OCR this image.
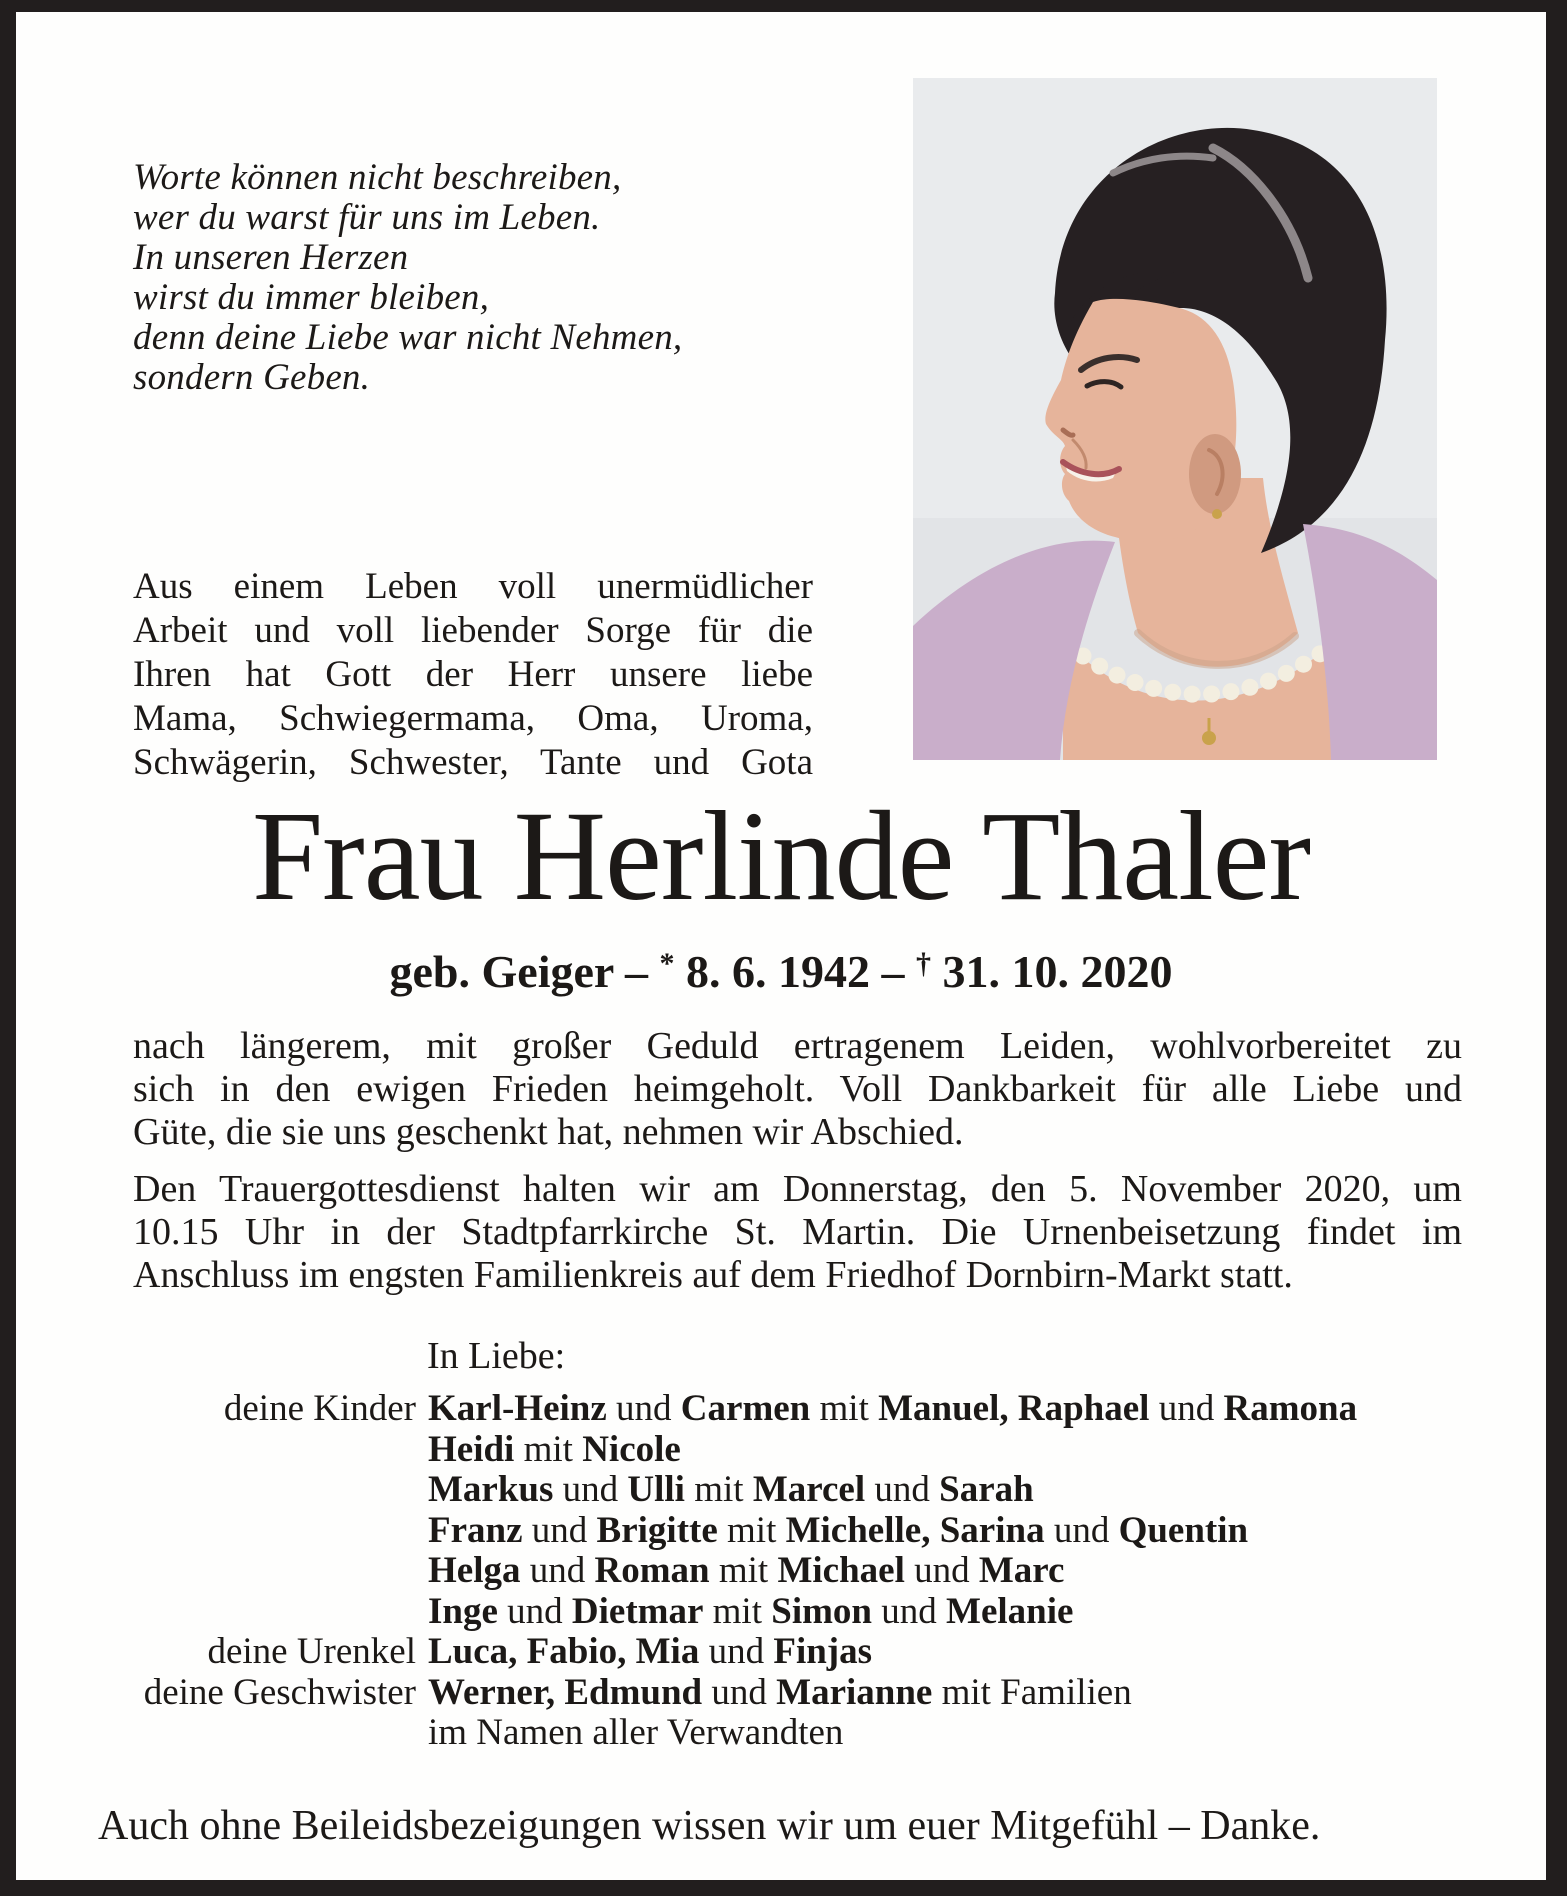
Worte können nicht beschreiben,
wer du warst für uns im Leben.
In unseren Herzen
wirst du immer bleiben,
denn deine Liebe war nicht Nehmen,
sondern Geben.
Aus einem Leben voll unermüdlicher
Arbeit und voll liebender Sorge für die
Ihren hat Gott der Herr unsere liebe
Mama, Schwiegermama, Oma, Uroma,
Schwägerin, Schwester, Tante und Gota
Frau Herlinde Thaler
geb. Geiger – * 8. 6. 1942 – † 31. 10. 2020
nach längerem, mit großer Geduld ertragenem Leiden, wohlvorbereitet zu
sich in den ewigen Frieden heimgeholt. Voll Dankbarkeit für alle Liebe und
Güte, die sie uns geschenkt hat, nehmen wir Abschied.
Den Trauergottesdienst halten wir am Donnerstag, den 5. November 2020, um
10.15 Uhr in der Stadtpfarrkirche St. Martin. Die Urnenbeisetzung findet im
Anschluss im engsten Familienkreis auf dem Friedhof Dornbirn-Markt statt.
In Liebe:
deine Kinder Karl-Heinz und Carmen mit Manuel, Raphael und Ramona
Heidi mit Nicole
Markus und Ulli mit Marcel und Sarah
Franz und Brigitte mit Michelle, Sarina und Quentin
Helga und Roman mit Michael und Marc
Inge und Dietmar mit Simon und Melanie
deine Urenkel Luca, Fabio, Mia und Finjas
deine Geschwister Werner, Edmund und Marianne mit Familien
im Namen aller Verwandten
Auch ohne Beileidsbezeigungen wissen wir um euer Mitgefühl – Danke.
